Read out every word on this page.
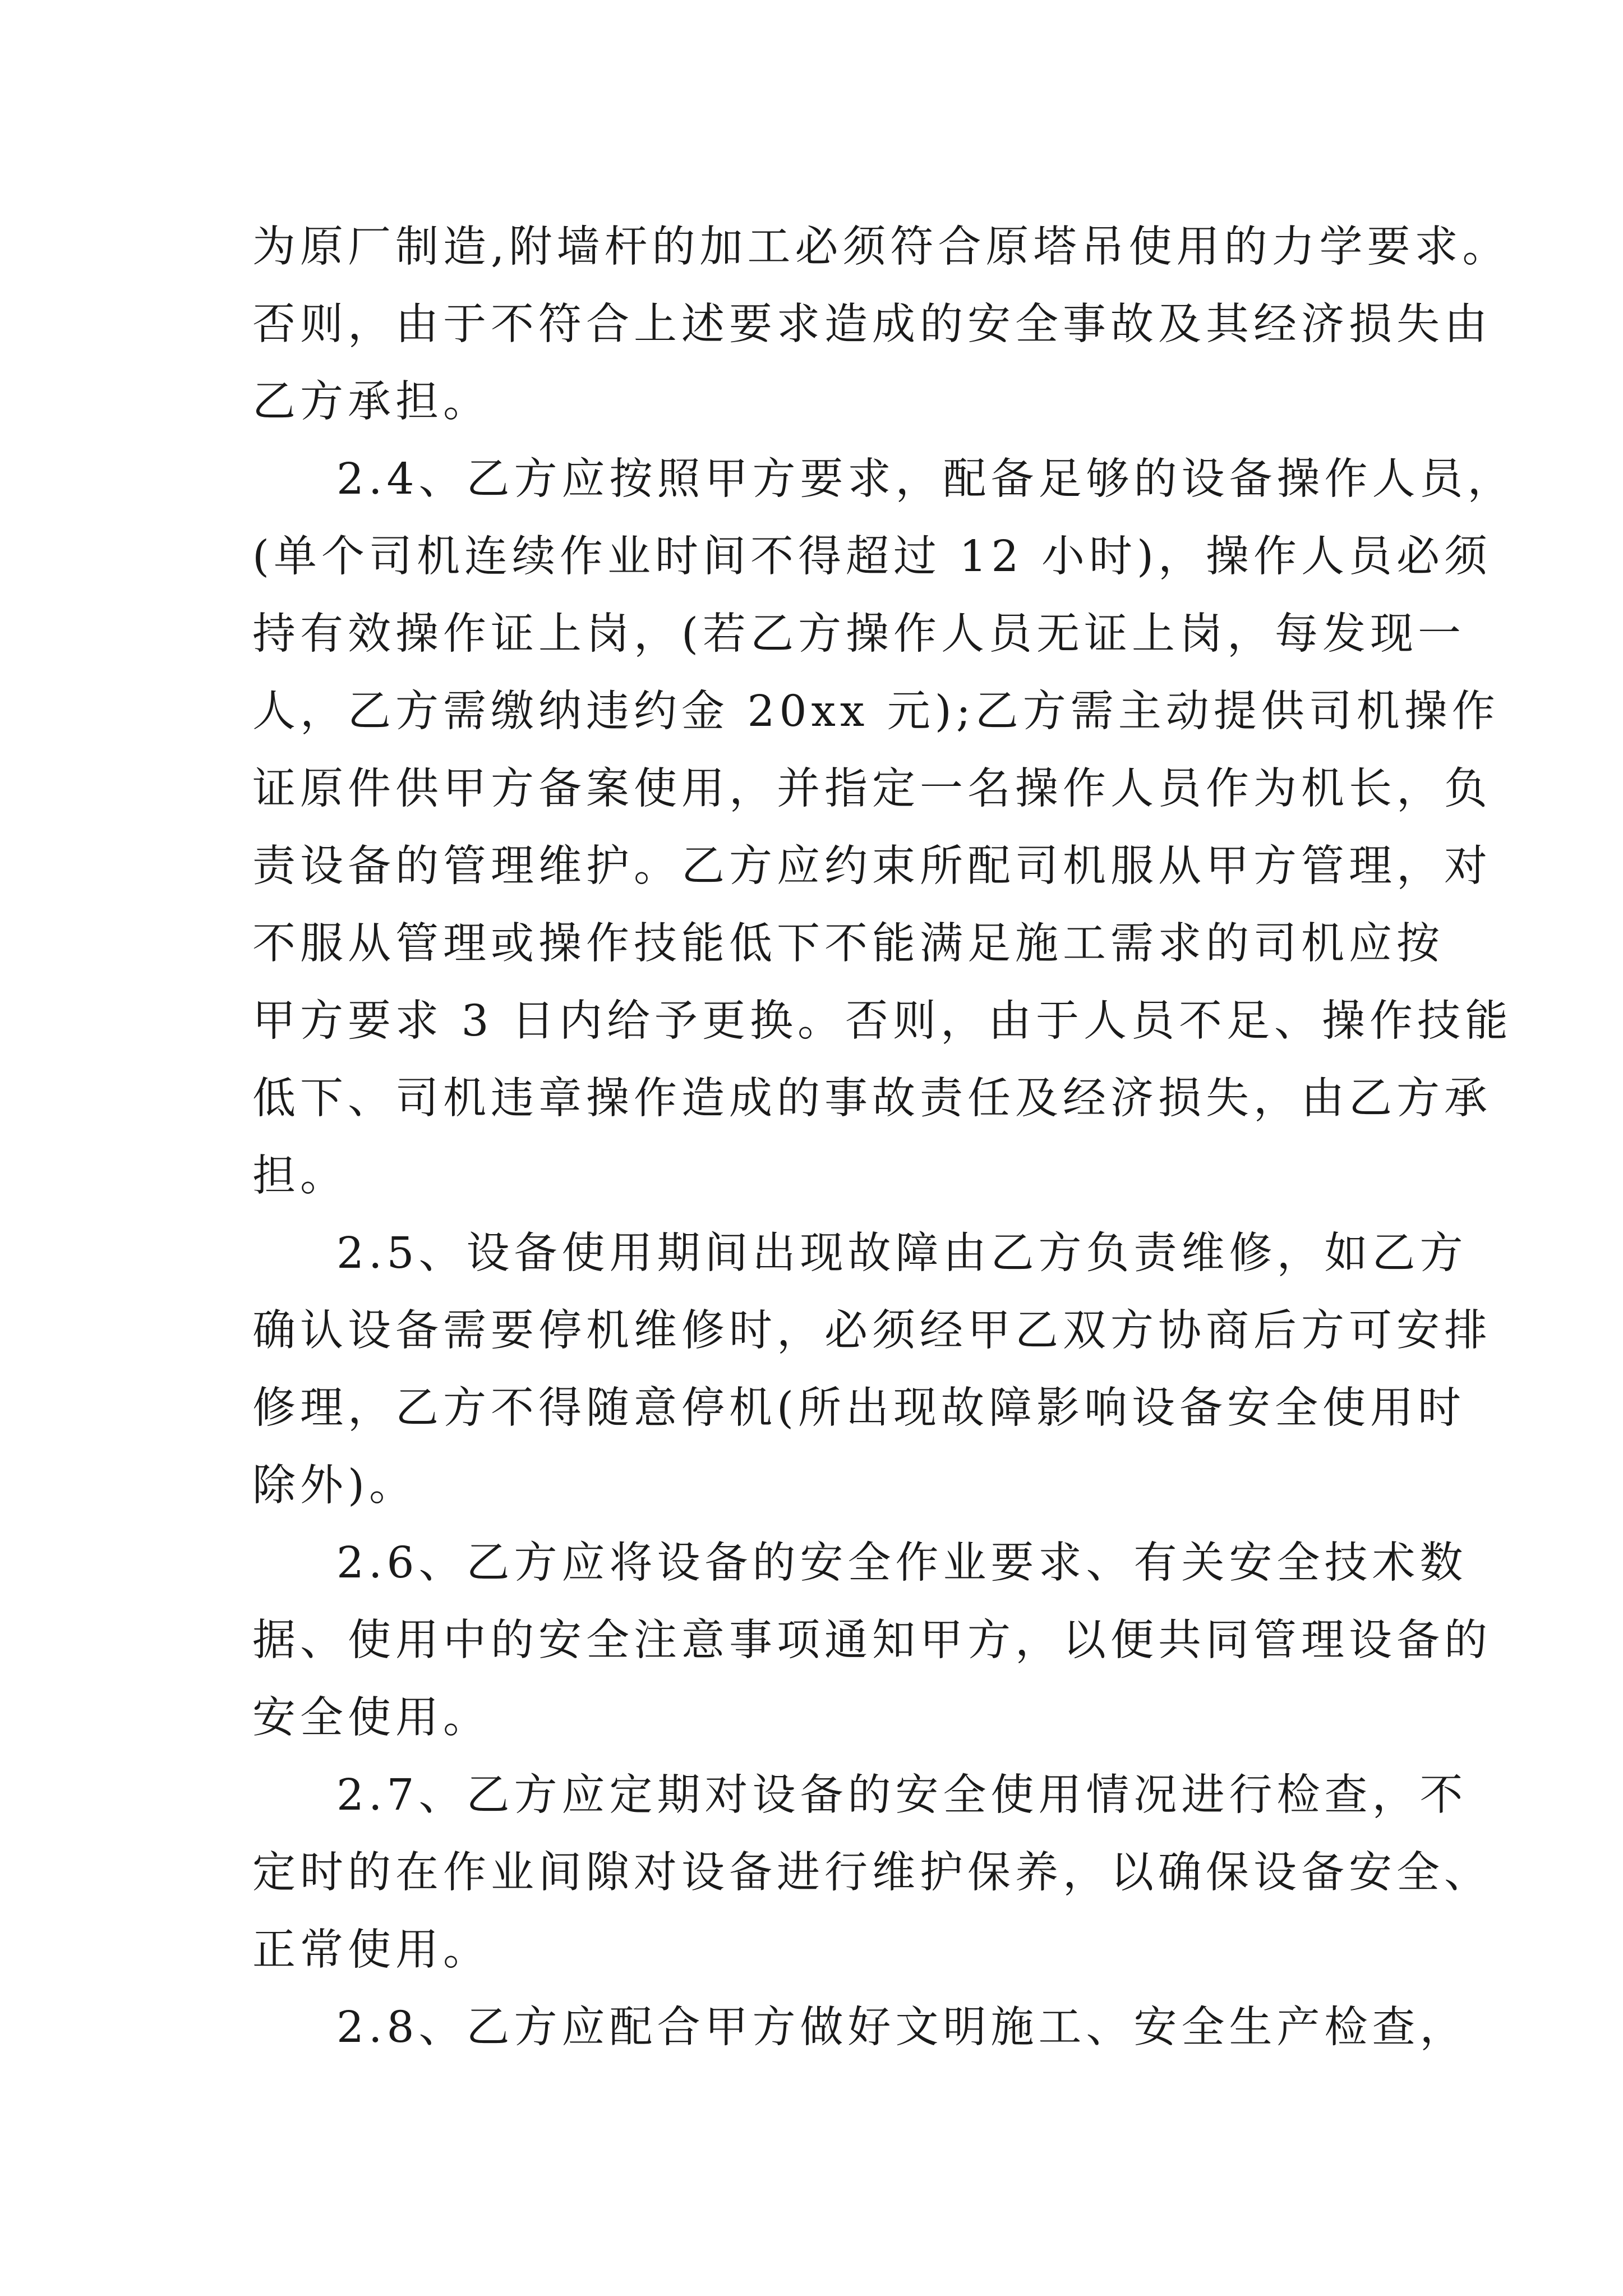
为原厂制造,附墙杆的加工必须符合原塔吊使用的力学要求。
否则，由于不符合上述要求造成的安全事故及其经济损失由
乙方承担。
2.4、乙方应按照甲方要求，配备足够的设备操作人员，
(单个司机连续作业时间不得超过 12 小时)，操作人员必须
持有效操作证上岗，(若乙方操作人员无证上岗，每发现一
人，乙方需缴纳违约金 20xx 元);乙方需主动提供司机操作
证原件供甲方备案使用，并指定一名操作人员作为机长，负
责设备的管理维护。乙方应约束所配司机服从甲方管理，对
不服从管理或操作技能低下不能满足施工需求的司机应按
甲方要求 3 日内给予更换。否则，由于人员不足、操作技能
低下、司机违章操作造成的事故责任及经济损失，由乙方承
担。
2.5、设备使用期间出现故障由乙方负责维修，如乙方
确认设备需要停机维修时，必须经甲乙双方协商后方可安排
修理，乙方不得随意停机(所出现故障影响设备安全使用时
除外)。
2.6、乙方应将设备的安全作业要求、有关安全技术数
据、使用中的安全注意事项通知甲方，以便共同管理设备的
安全使用。
2.7、乙方应定期对设备的安全使用情况进行检查，不
定时的在作业间隙对设备进行维护保养，以确保设备安全、
正常使用。
2.8、乙方应配合甲方做好文明施工、安全生产检查，
